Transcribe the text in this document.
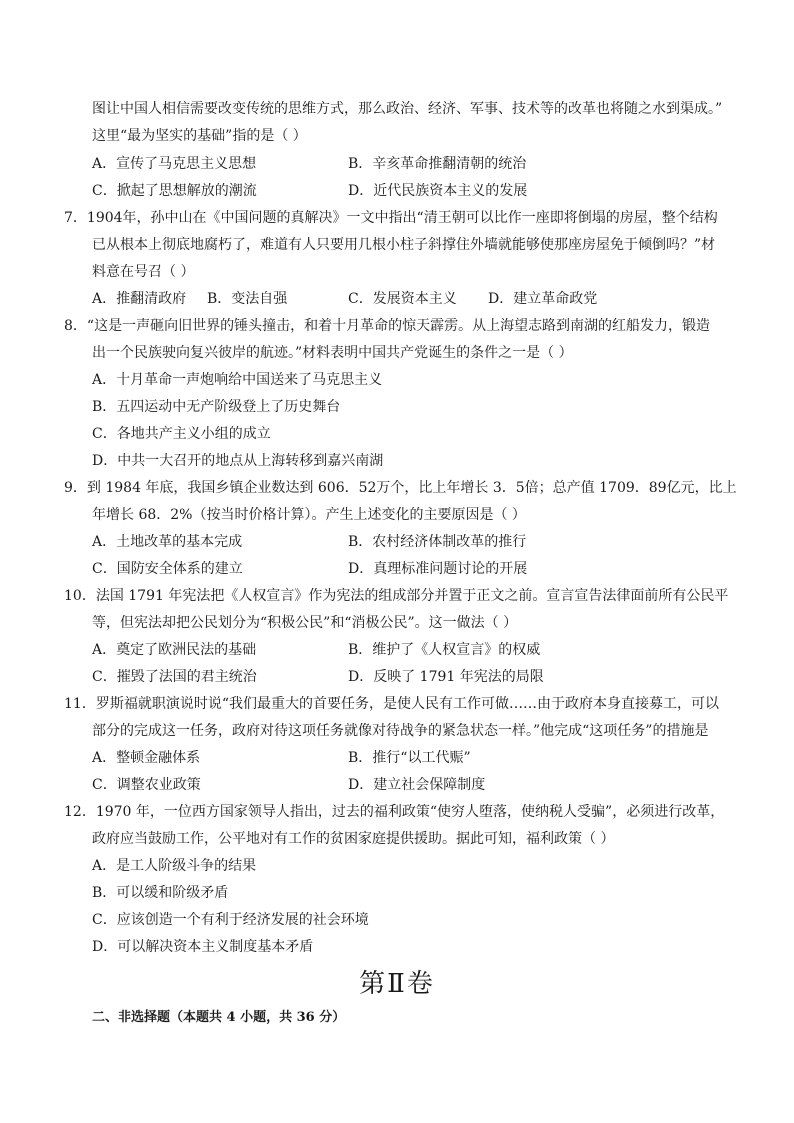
图让中国人相信需要改变传统的思维方式，那么政治、经济、军事、技术等的改革也将随之水到渠成。”
这里“最为坚实的基础”指的是（ ）
A．宣传了马克思主义思想	B．辛亥革命推翻清朝的统治
C．掀起了思想解放的潮流	D．近代民族资本主义的发展
7．1904年，孙中山在《中国问题的真解决》一文中指出“清王朝可以比作一座即将倒塌的房屋，整个结构
已从根本上彻底地腐朽了，难道有人只要用几根小柱子斜撑住外墙就能够使那座房屋免于倾倒吗？”材
料意在号召（ ）
A．推翻清政府 B．变法自强	C．发展资本主义 D．建立革命政党
8．“这是一声砸向旧世界的锤头撞击，和着十月革命的惊天霹雳。从上海望志路到南湖的红船发力，锻造
出一个民族驶向复兴彼岸的航迹。”材料表明中国共产党诞生的条件之一是（ ）
A．十月革命一声炮响给中国送来了马克思主义
B．五四运动中无产阶级登上了历史舞台
C．各地共产主义小组的成立
D．中共一大召开的地点从上海转移到嘉兴南湖
9．到 1984 年底，我国乡镇企业数达到 606．52万个，比上年增长 3．5倍；总产值 1709．89亿元，比上
年增长 68．2%（按当时价格计算）。产生上述变化的主要原因是（ ）
A．土地改革的基本完成	B．农村经济体制改革的推行
C．国防安全体系的建立	D．真理标准问题讨论的开展
10．法国 1791 年宪法把《人权宣言》作为宪法的组成部分并置于正文之前。宣言宣告法律面前所有公民平
等，但宪法却把公民划分为“积极公民”和“消极公民”。这一做法（ ）
A．奠定了欧洲民法的基础	B．维护了《人权宣言》的权威
C．摧毁了法国的君主统治	D．反映了 1791 年宪法的局限
11．罗斯福就职演说时说“我们最重大的首要任务，是使人民有工作可做……由于政府本身直接募工，可以
部分的完成这一任务，政府对待这项任务就像对待战争的紧急状态一样。”他完成“这项任务”的措施是
A．整顿金融体系	B．推行“以工代赈”
C．调整农业政策	D．建立社会保障制度
12．1970 年，一位西方国家领导人指出，过去的福利政策“使穷人堕落，使纳税人受骗”，必须进行改革，
政府应当鼓励工作，公平地对有工作的贫困家庭提供援助。据此可知，福利政策（ ）
A．是工人阶级斗争的结果
B．可以缓和阶级矛盾
C．应该创造一个有利于经济发展的社会环境
D．可以解决资本主义制度基本矛盾
第Ⅱ卷
二、非选择题（本题共 4 小题，共 36 分）
